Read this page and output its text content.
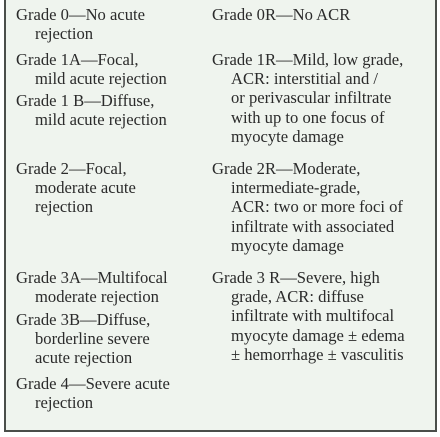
Grade 0—No acute
rejection
Grade 1A—Focal,
mild acute rejection
Grade 1 B—Diffuse,
mild acute rejection
Grade 2—Focal,
moderate acute
rejection
Grade 3A—Multifocal
moderate rejection
Grade 3B—Diffuse,
borderline severe
acute rejection
Grade 4—Severe acute
rejection
Grade 0R—No ACR
Grade 1R—Mild, low grade,
ACR: interstitial and /
or perivascular infiltrate
with up to one focus of
myocyte damage
Grade 2R—Moderate,
intermediate-grade,
ACR: two or more foci of
infiltrate with associated
myocyte damage
Grade 3 R—Severe, high
grade, ACR: diffuse
infiltrate with multifocal
myocyte damage ± edema
± hemorrhage ± vasculitis
